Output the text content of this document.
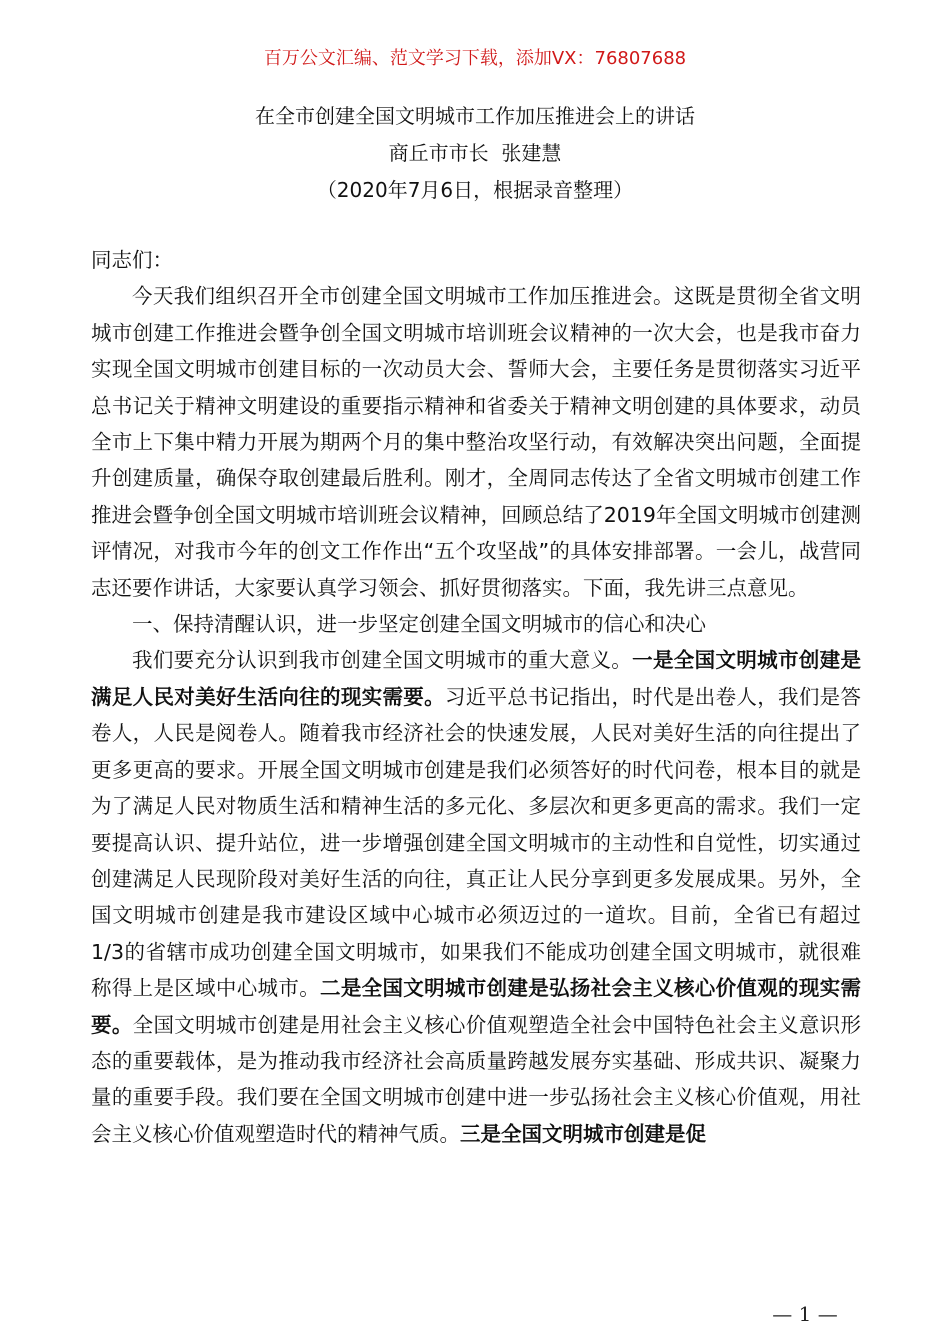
百万公文汇编、范文学习下载，添加VX：76807688
在全市创建全国文明城市工作加压推进会上的讲话
商丘市市长  张建慧
（2020年7月6日，根据录音整理）

同志们：

今天我们组织召开全市创建全国文明城市工作加压推进会。这既是贯彻全省文明城市创建工作推进会暨争创全国文明城市培训班会议精神的一次大会，也是我市奋力实现全国文明城市创建目标的一次动员大会、誓师大会，主要任务是贯彻落实习近平总书记关于精神文明建设的重要指示精神和省委关于精神文明创建的具体要求，动员全市上下集中精力开展为期两个月的集中整治攻坚行动，有效解决突出问题，全面提升创建质量，确保夺取创建最后胜利。刚才，全周同志传达了全省文明城市创建工作推进会暨争创全国文明城市培训班会议精神，回顾总结了2019年全国文明城市创建测评情况，对我市今年的创文工作作出“五个攻坚战”的具体安排部署。一会儿，战营同志还要作讲话，大家要认真学习领会、抓好贯彻落实。下面，我先讲三点意见。

一、保持清醒认识，进一步坚定创建全国文明城市的信心和决心

我们要充分认识到我市创建全国文明城市的重大意义。一是全国文明城市创建是满足人民对美好生活向往的现实需要。习近平总书记指出，时代是出卷人，我们是答卷人，人民是阅卷人。随着我市经济社会的快速发展，人民对美好生活的向往提出了更多更高的要求。开展全国文明城市创建是我们必须答好的时代问卷，根本目的就是为了满足人民对物质生活和精神生活的多元化、多层次和更多更高的需求。我们一定要提高认识、提升站位，进一步增强创建全国文明城市的主动性和自觉性，切实通过创建满足人民现阶段对美好生活的向往，真正让人民分享到更多发展成果。另外，全国文明城市创建是我市建设区域中心城市必须迈过的一道坎。目前，全省已有超过1/3的省辖市成功创建全国文明城市，如果我们不能成功创建全国文明城市，就很难称得上是区域中心城市。二是全国文明城市创建是弘扬社会主义核心价值观的现实需要。全国文明城市创建是用社会主义核心价值观塑造全社会中国特色社会主义意识形态的重要载体，是为推动我市经济社会高质量跨越发展夯实基础、形成共识、凝聚力量的重要手段。我们要在全国文明城市创建中进一步弘扬社会主义核心价值观，用社会主义核心价值观塑造时代的精神气质。三是全国文明城市创建是促

— 1 —
